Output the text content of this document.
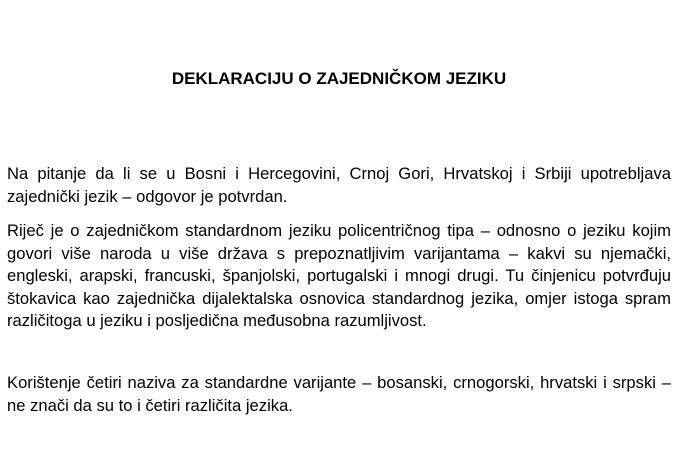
DEKLARACIJU O ZAJEDNIČKOM JEZIKU

Na pitanje da li se u Bosni i Hercegovini, Crnoj Gori, Hrvatskoj i Srbiji upotrebljava zajednički jezik – odgovor je potvrdan.

Riječ je o zajedničkom standardnom jeziku policentričnog tipa – odnosno o jeziku kojim govori više naroda u više država s prepoznatljivim varijantama – kakvi su njemački, engleski, arapski, francuski, španjolski, portugalski i mnogi drugi. Tu činjenicu potvrđuju štokavica kao zajednička dijalektalska osnovica standardnog jezika, omjer istoga spram različitoga u jeziku i posljedična međusobna razumljivost.

Korištenje četiri naziva za standardne varijante – bosanski, crnogorski, hrvatski i srpski – ne znači da su to i četiri različita jezika.
